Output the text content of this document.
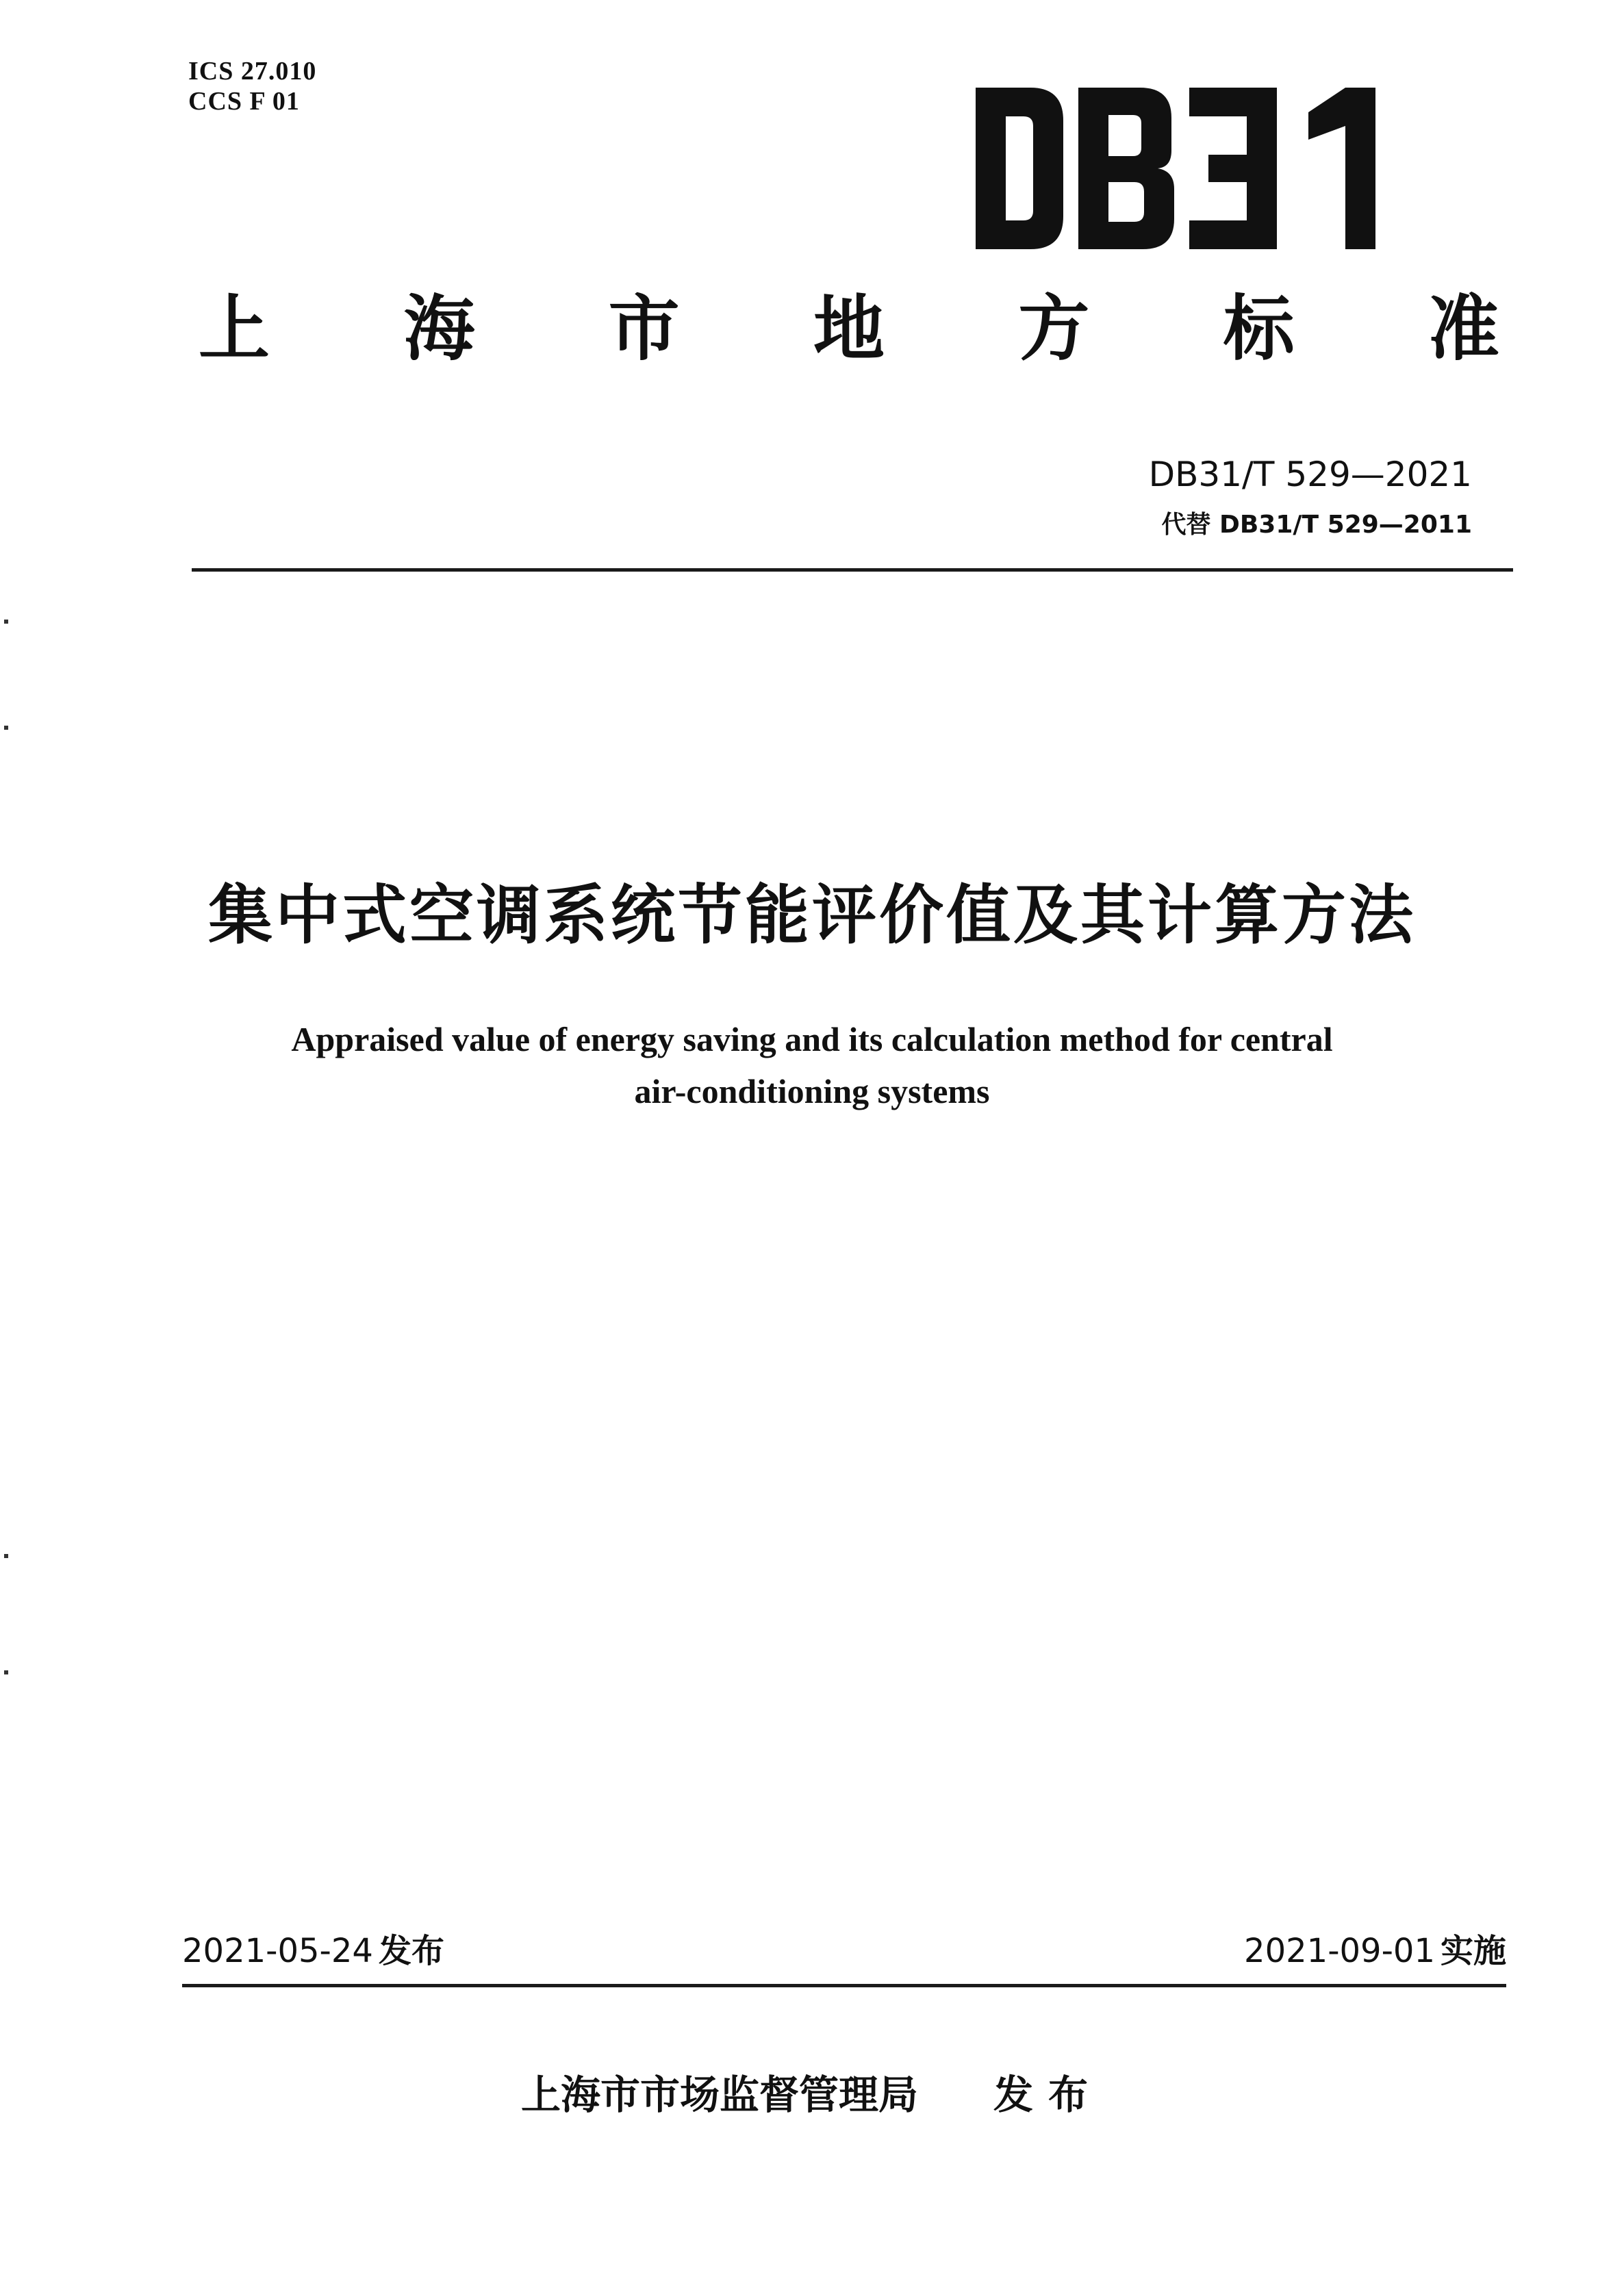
ICS 27.010
CCS F 01
上 海 市 地 方 标 准
DB31/T 529—2021
代替 DB31/T 529—2011
集中式空调系统节能评价值及其计算方法
Appraised value of energy saving and its calculation method for central
air-conditioning systems
2021-05-24 发布	2021-09-01 实施
上海市市场监督管理局 发布
